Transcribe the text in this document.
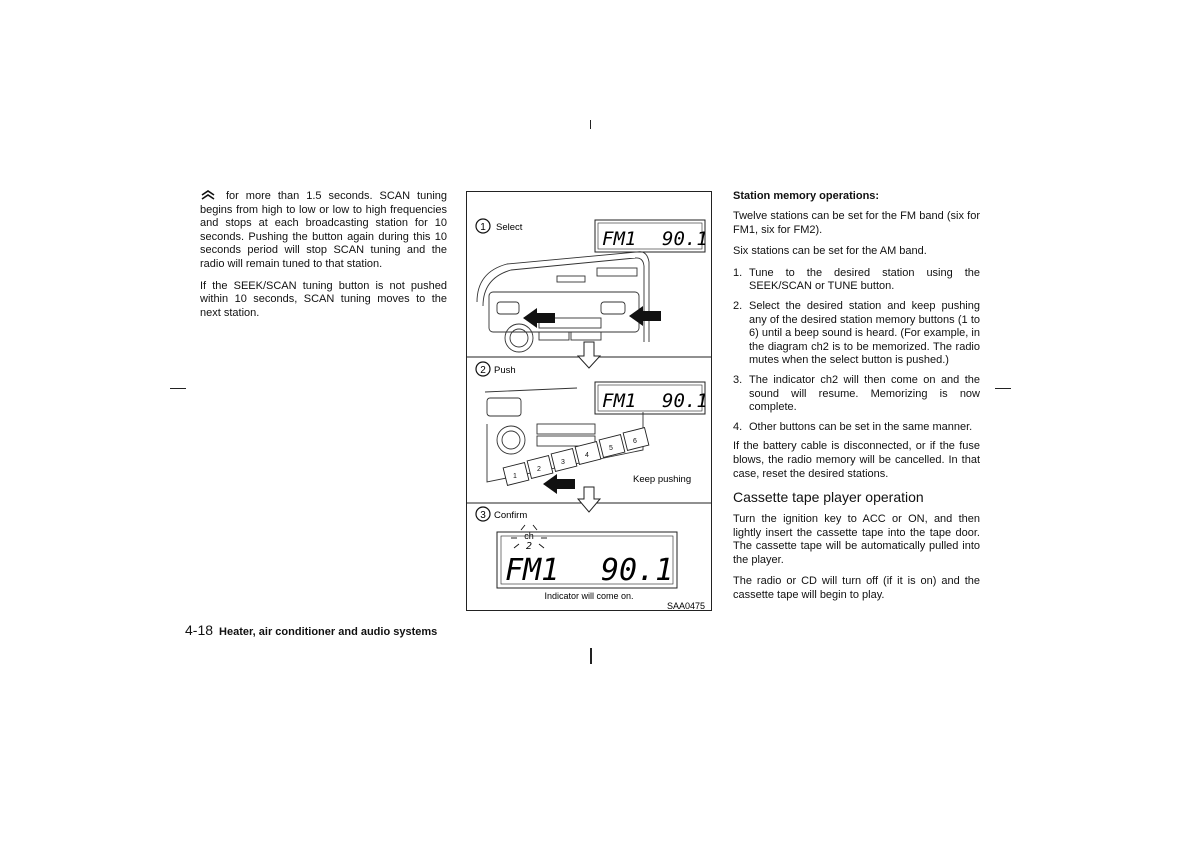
for more than 1.5 seconds. SCAN tuning begins from high to low or low to high frequencies and stops at each broadcasting station for 10 seconds. Pushing the button again during this 10 seconds period will stop SCAN tuning and the radio will remain tuned to that station.

If the SEEK/SCAN tuning button is not pushed within 10 seconds, SCAN tuning moves to the next station.

1 Select
FM1 90.1
2 Push
FM1 90.1
1
2
3
4
5
6
Keep pushing
3 Confirm
ch
2
FM1 90.1
Indicator will come on.
SAA0475
Station memory operations:

Twelve stations can be set for the FM band (six for FM1, six for FM2).

Six stations can be set for the AM band.

1. Tune to the desired station using the SEEK/SCAN or TUNE button.
2. Select the desired station and keep pushing any of the desired station memory buttons (1 to 6) until a beep sound is heard. (For example, in the diagram ch2 is to be memorized. The radio mutes when the select button is pushed.)
3. The indicator ch2 will then come on and the sound will resume. Memorizing is now complete.
4. Other buttons can be set in the same manner.

If the battery cable is disconnected, or if the fuse blows, the radio memory will be cancelled. In that case, reset the desired stations.

Cassette tape player operation

Turn the ignition key to ACC or ON, and then lightly insert the cassette tape into the tape door. The cassette tape will be automatically pulled into the player.

The radio or CD will turn off (if it is on) and the cassette tape will begin to play.

4-18 Heater, air conditioner and audio systems
